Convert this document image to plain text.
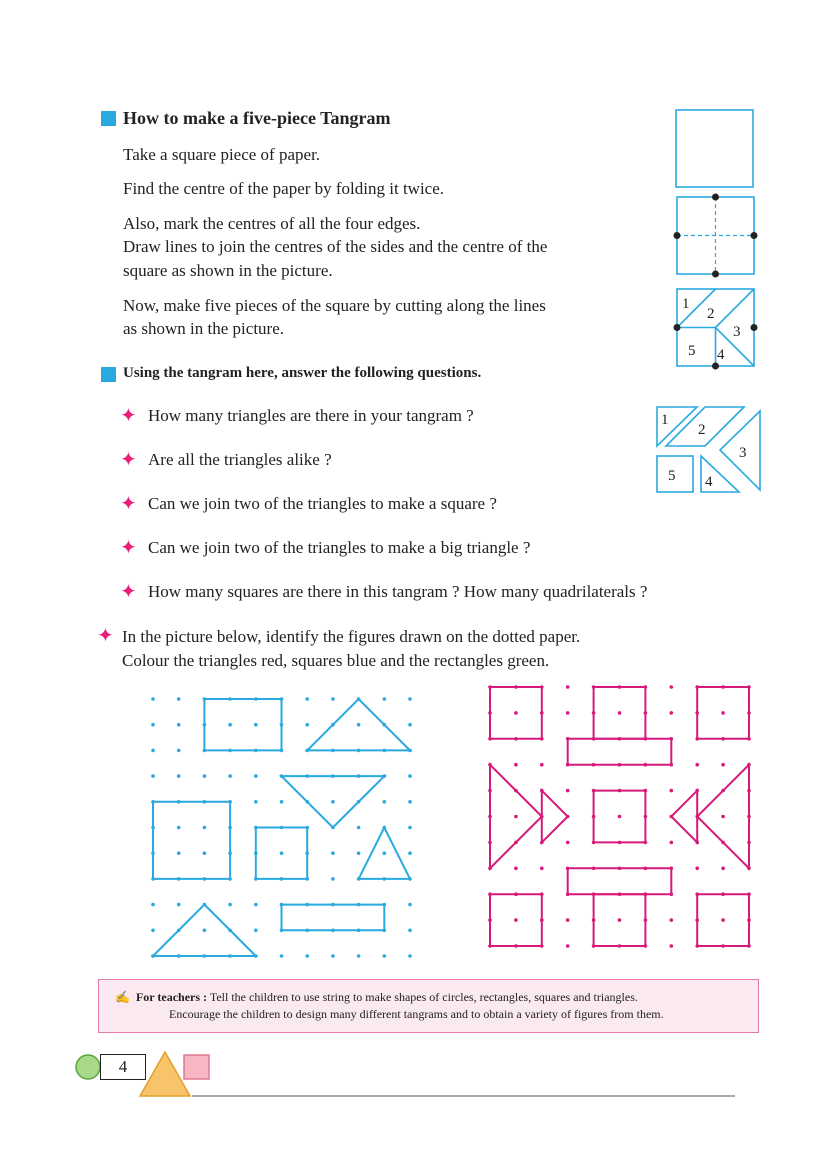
How to make a five-piece Tangram
Take a square piece of paper.
Find the centre of the paper by folding it twice.
Also, mark the centres of all the four edges.
Draw lines to join the centres of the sides and the centre of the
square as shown in the picture.
Now, make five pieces of the square by cutting along the lines
as shown in the picture.
Using the tangram here, answer the following questions.
✦ How many triangles are there in your tangram ?
✦ Are all the triangles alike ?
✦ Can we join two of the triangles to make a square ?
✦ Can we join two of the triangles to make a big triangle ?
✦ How many squares are there in this tangram ? How many quadrilaterals ?
✦ In the picture below, identify the figures drawn on the dotted paper.
Colour the triangles red, squares blue and the rectangles green.
1
2
3
5 4
1
2
3
5 4
✍ For teachers : Tell the children to use string to make shapes of circles, rectangles, squares and triangles.
Encourage the children to design many different tangrams and to obtain a variety of figures from them.
4
